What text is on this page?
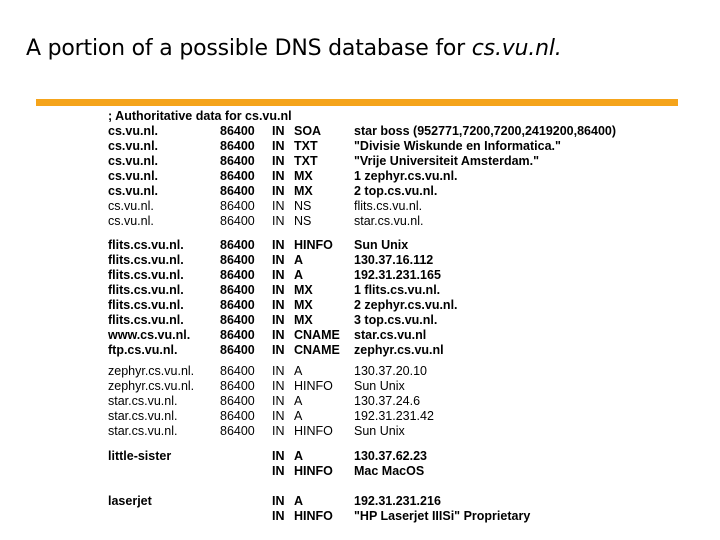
A portion of a possible DNS database for cs.vu.nl.
; Authoritative data for cs.vu.nl
cs.vu.nl.	86400 IN SOA	star boss (952771,7200,7200,2419200,86400)
cs.vu.nl.	86400 IN TXT	"Divisie Wiskunde en Informatica."
cs.vu.nl.	86400 IN TXT	"Vrije Universiteit Amsterdam."
cs.vu.nl.	86400 IN MX	1 zephyr.cs.vu.nl.
cs.vu.nl.	86400 IN MX	2 top.cs.vu.nl.
cs.vu.nl.	86400 IN NS	flits.cs.vu.nl.
cs.vu.nl.	86400 IN NS	star.cs.vu.nl.
flits.cs.vu.nl.	86400 IN HINFO Sun Unix
flits.cs.vu.nl.	86400 IN A	130.37.16.112
flits.cs.vu.nl.	86400 IN A	192.31.231.165
flits.cs.vu.nl.	86400 IN MX	1 flits.cs.vu.nl.
flits.cs.vu.nl.	86400 IN MX	2 zephyr.cs.vu.nl.
flits.cs.vu.nl.	86400 IN MX	3 top.cs.vu.nl.
www.cs.vu.nl. 86400 IN CNAME star.cs.vu.nl
ftp.cs.vu.nl.	86400 IN CNAME zephyr.cs.vu.nl
zephyr.cs.vu.nl. 86400 IN A	130.37.20.10
zephyr.cs.vu.nl. 86400 IN HINFO Sun Unix
star.cs.vu.nl.	86400 IN A	130.37.24.6
star.cs.vu.nl.	86400 IN A	192.31.231.42
star.cs.vu.nl.	86400 IN HINFO Sun Unix
little-sister	IN A	130.37.62.23
IN HINFO Mac MacOS
laserjet	IN A	192.31.231.216
IN HINFO "HP Laserjet IIISi" Proprietary
